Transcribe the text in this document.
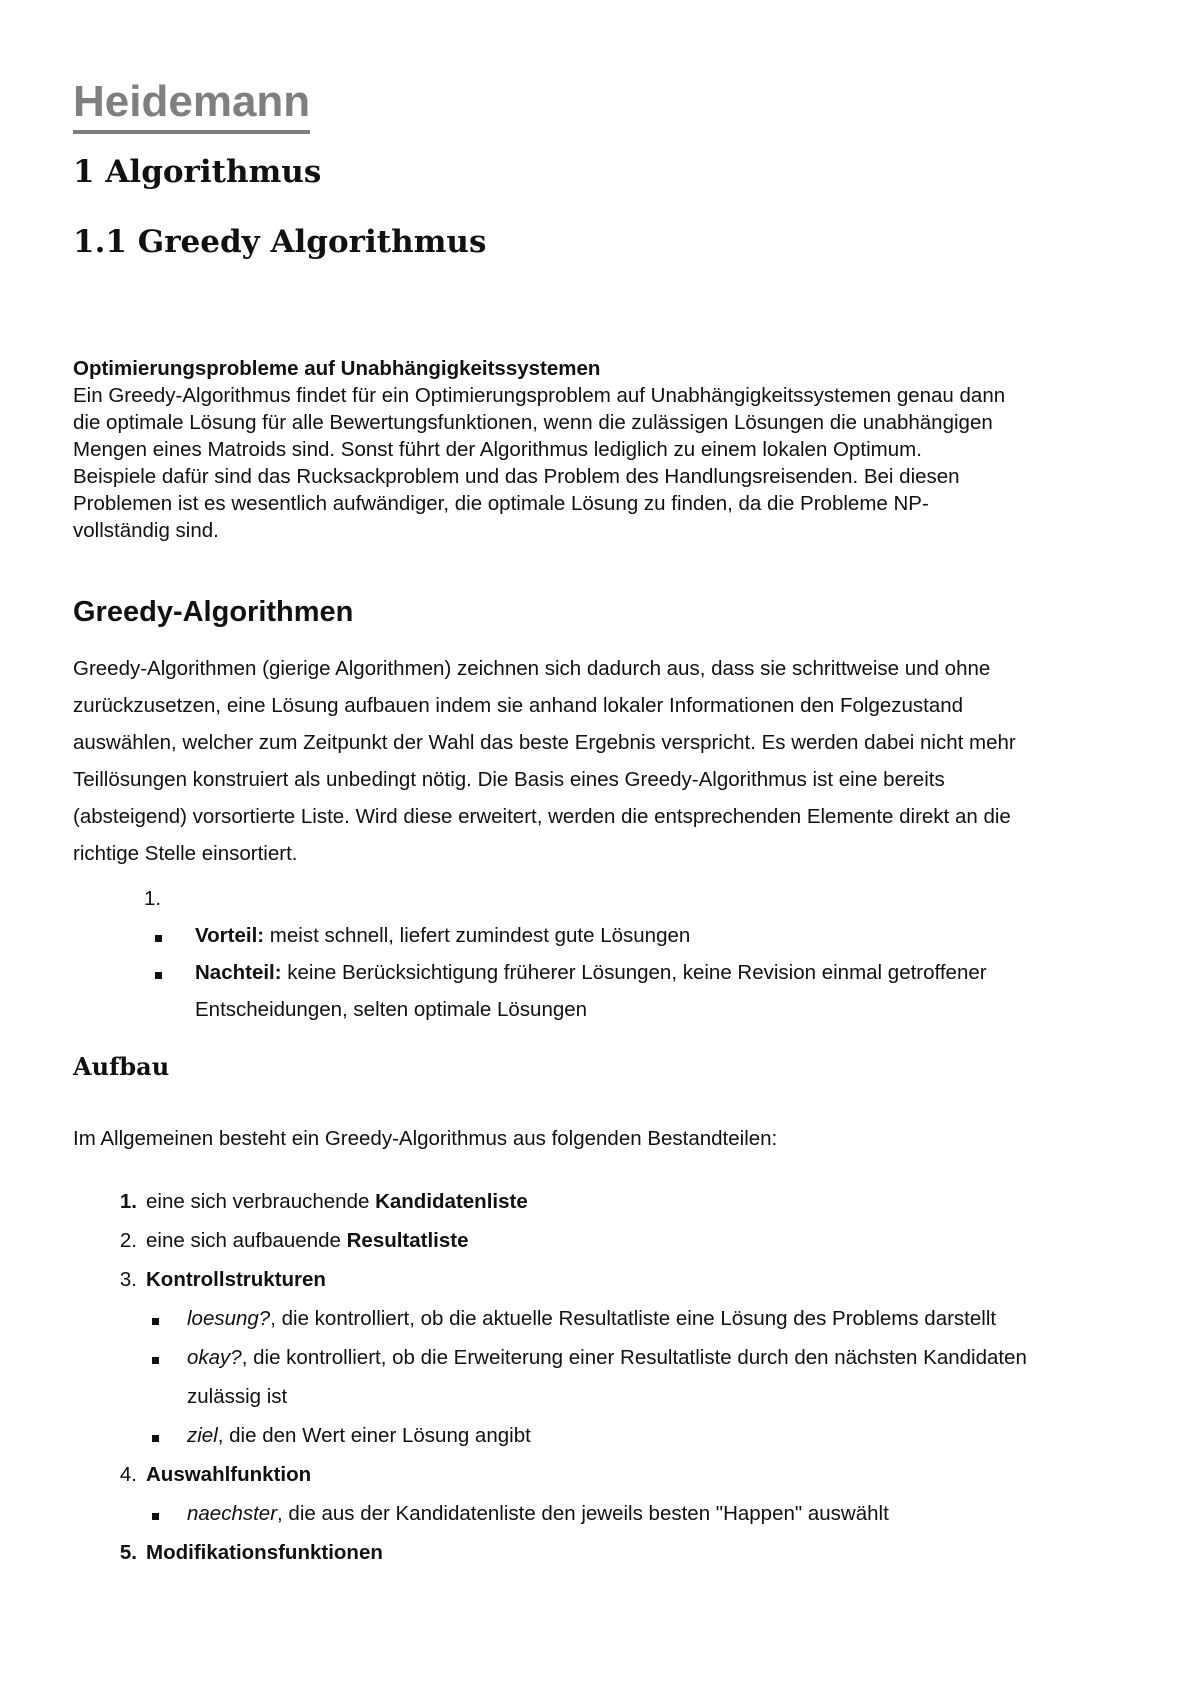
Heidemann
1 Algorithmus
1.1 Greedy Algorithmus
Optimierungsprobleme auf Unabhängigkeitssystemen
Ein Greedy-Algorithmus findet für ein Optimierungsproblem auf Unabhängigkeitssystemen genau dann
die optimale Lösung für alle Bewertungsfunktionen, wenn die zulässigen Lösungen die unabhängigen
Mengen eines Matroids sind. Sonst führt der Algorithmus lediglich zu einem lokalen Optimum.
Beispiele dafür sind das Rucksackproblem und das Problem des Handlungsreisenden. Bei diesen
Problemen ist es wesentlich aufwändiger, die optimale Lösung zu finden, da die Probleme NP-
vollständig sind.
Greedy-Algorithmen
Greedy-Algorithmen (gierige Algorithmen) zeichnen sich dadurch aus, dass sie schrittweise und ohne
zurückzusetzen, eine Lösung aufbauen indem sie anhand lokaler Informationen den Folgezustand
auswählen, welcher zum Zeitpunkt der Wahl das beste Ergebnis verspricht. Es werden dabei nicht mehr
Teillösungen konstruiert als unbedingt nötig. Die Basis eines Greedy-Algorithmus ist eine bereits
(absteigend) vorsortierte Liste. Wird diese erweitert, werden die entsprechenden Elemente direkt an die
richtige Stelle einsortiert.
1.
Vorteil: meist schnell, liefert zumindest gute Lösungen
Nachteil: keine Berücksichtigung früherer Lösungen, keine Revision einmal getroffener
Entscheidungen, selten optimale Lösungen
Aufbau

Im Allgemeinen besteht ein Greedy-Algorithmus aus folgenden Bestandteilen:

1. eine sich verbrauchende Kandidatenliste
2. eine sich aufbauende Resultatliste
3. Kontrollstrukturen
loesung?, die kontrolliert, ob die aktuelle Resultatliste eine Lösung des Problems darstellt
okay?, die kontrolliert, ob die Erweiterung einer Resultatliste durch den nächsten Kandidaten
zulässig ist
ziel, die den Wert einer Lösung angibt
4. Auswahlfunktion
naechster, die aus der Kandidatenliste den jeweils besten "Happen" auswählt
5. Modifikationsfunktionen
